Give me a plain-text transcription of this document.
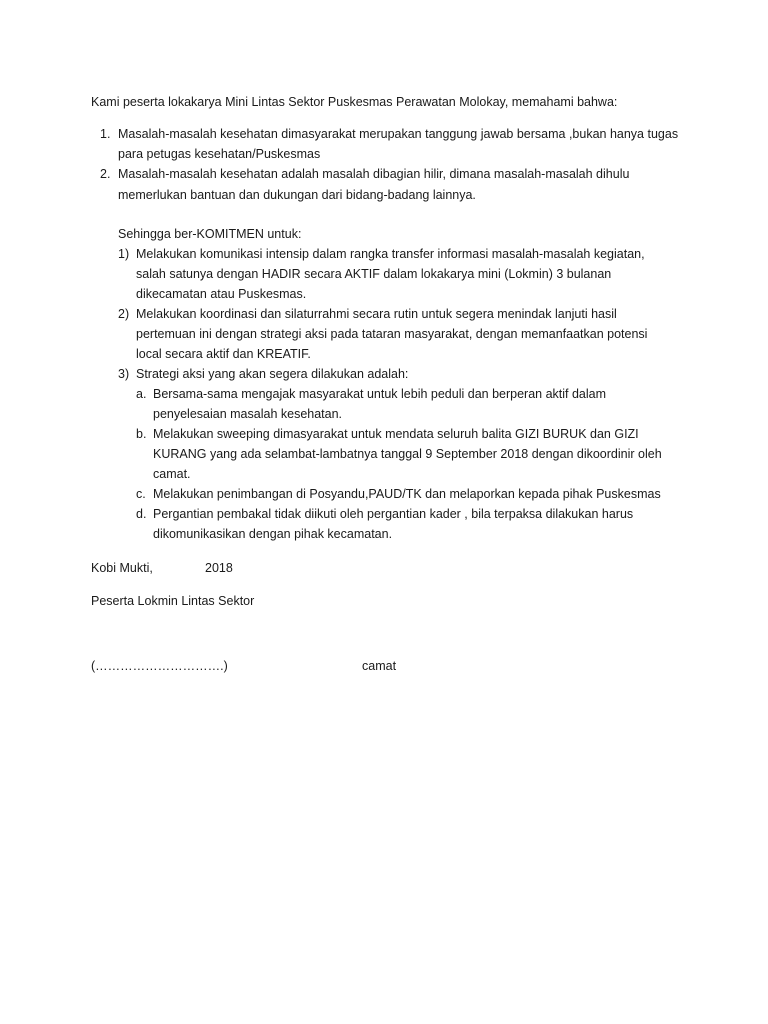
Kami peserta lokakarya Mini Lintas Sektor Puskesmas Perawatan Molokay, memahami bahwa:
1. Masalah-masalah kesehatan dimasyarakat merupakan tanggung jawab bersama ,bukan hanya tugas
para petugas kesehatan/Puskesmas
2. Masalah-masalah kesehatan adalah masalah dibagian hilir, dimana masalah-masalah dihulu
memerlukan bantuan dan dukungan dari bidang-badang lainnya.
Sehingga ber-KOMITMEN untuk:
1) Melakukan komunikasi intensip dalam rangka transfer informasi masalah-masalah kegiatan,
salah satunya dengan HADIR secara AKTIF dalam lokakarya mini (Lokmin) 3 bulanan
dikecamatan atau Puskesmas.
2) Melakukan koordinasi dan silaturrahmi secara rutin untuk segera menindak lanjuti hasil
pertemuan ini dengan strategi aksi pada tataran masyarakat, dengan memanfaatkan potensi
local secara aktif dan KREATIF.
3) Strategi aksi yang akan segera dilakukan adalah:
a. Bersama-sama mengajak masyarakat untuk lebih peduli dan berperan aktif dalam
penyelesaian masalah kesehatan.
b. Melakukan sweeping dimasyarakat untuk mendata seluruh balita GIZI BURUK dan GIZI
KURANG yang ada selambat-lambatnya tanggal 9 September 2018 dengan dikoordinir oleh
camat.
c. Melakukan penimbangan di Posyandu,PAUD/TK dan melaporkan kepada pihak Puskesmas
d. Pergantian pembakal tidak diikuti oleh pergantian kader , bila terpaksa dilakukan harus
dikomunikasikan dengan pihak kecamatan.
Kobi Mukti,	2018
Peserta Lokmin Lintas Sektor
(………………………….)	camat
